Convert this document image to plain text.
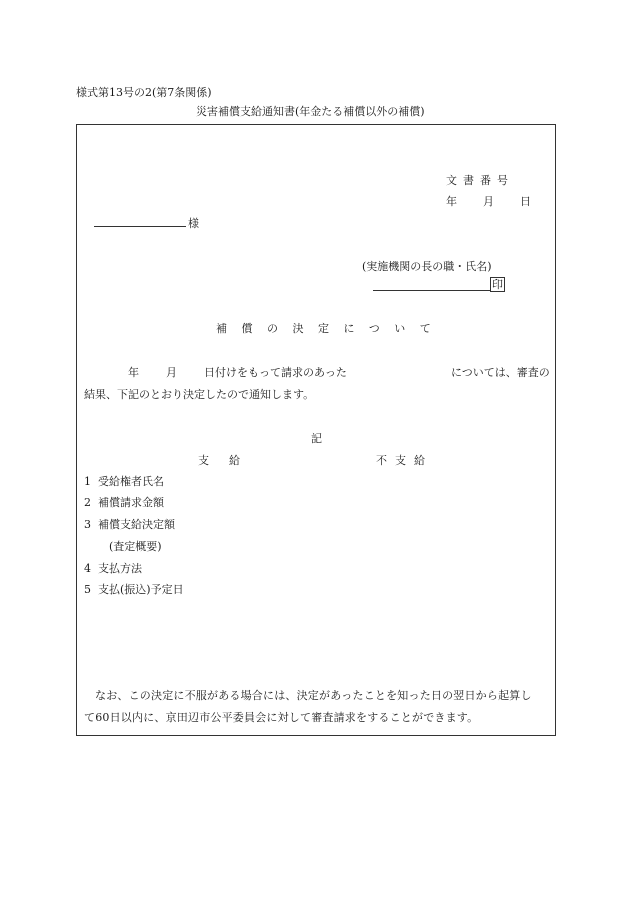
様式第13号の2(第7条関係)
災害補償支給通知書(年金たる補償以外の補償)
文書番号
年 月 日
様
(実施機関の長の職・氏名)
印
補償の決定について
年 月 日付けをもって請求のあった	については、審査の
結果、下記のとおり決定したので通知します。
記
支給	不支給
1 受給権者氏名
2 補償請求金額
3 補償支給決定額
(査定概要)
4 支払方法
5 支払(振込)予定日
なお、この決定に不服がある場合には、決定があったことを知った日の翌日から起算し
て60日以内に、京田辺市公平委員会に対して審査請求をすることができます。
